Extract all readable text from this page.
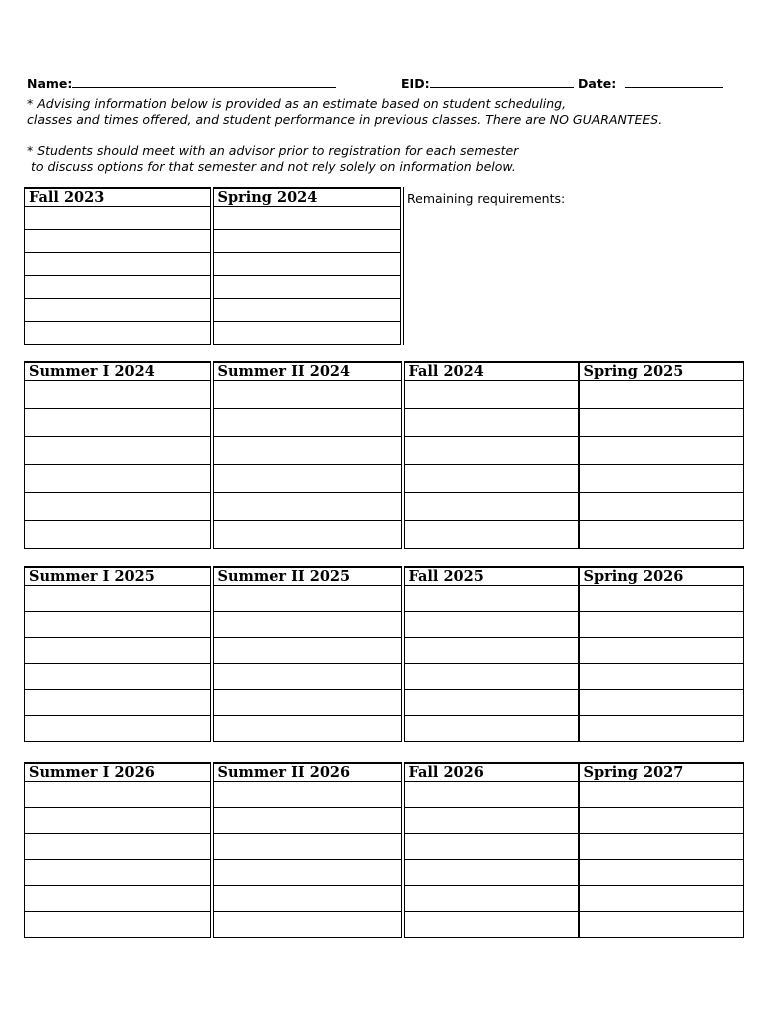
Name:	EID:	Date:
* Advising information below is provided as an estimate based on student scheduling,
classes and times offered, and student performance in previous classes. There are NO GUARANTEES.
* Students should meet with an advisor prior to registration for each semester
to discuss options for that semester and not rely solely on information below.
Remaining requirements:
Fall 2023	Spring 2024

Summer I 2024	Summer II 2024	Fall 2024	Spring 2025

Summer I 2025	Summer II 2025	Fall 2025	Spring 2026

Summer I 2026	Summer II 2026	Fall 2026	Spring 2027
